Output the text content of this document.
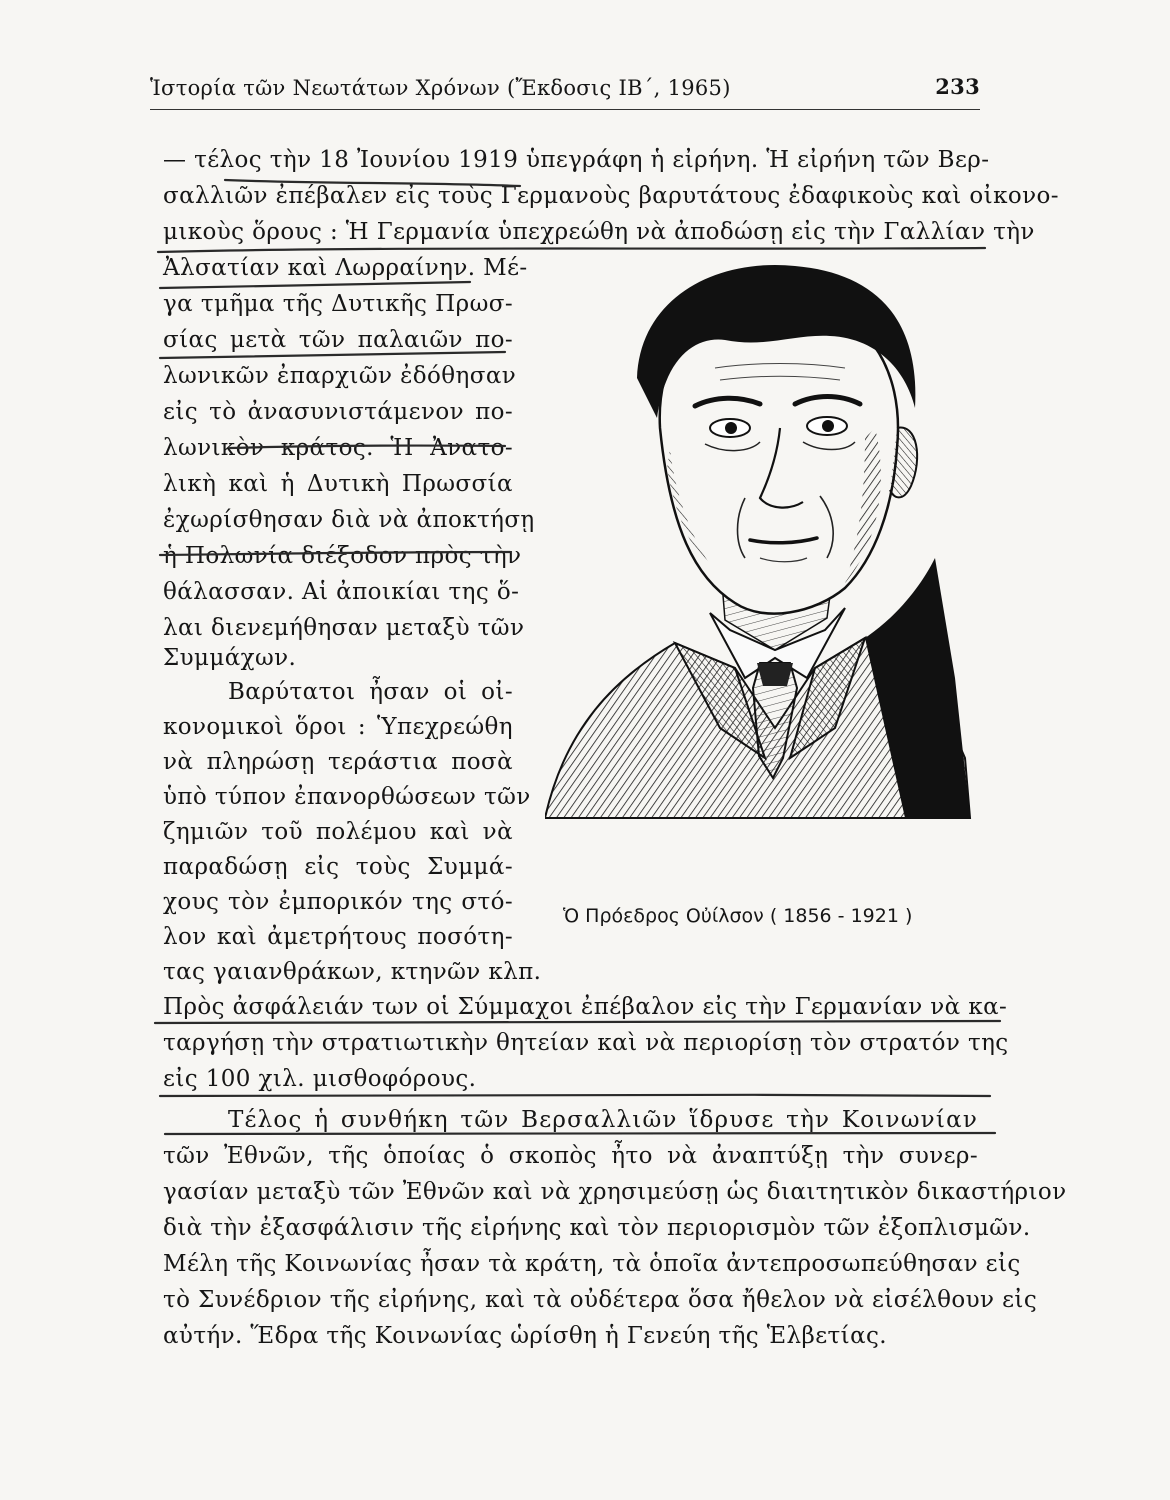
Ἱστορία τῶν Νεωτάτων Χρόνων (Ἔκδοσις ΙΒ΄, 1965)	233
— τέλος τὴν 18 Ἰουνίου 1919 ὑπεγράφη ἡ εἰρήνη. Ἡ εἰρήνη τῶν Βερ-
σαλλιῶν ἐπέβαλεν εἰς τοὺς Γερμανοὺς βαρυτάτους ἐδαφικοὺς καὶ οἰκονο-
μικοὺς ὅρους : Ἡ Γερμανία ὑπεχρεώθη νὰ ἀποδώσῃ εἰς τὴν Γαλλίαν τὴν
Ἀλσατίαν καὶ Λωρραίνην. Μέ-
γα τμῆμα τῆς Δυτικῆς Πρωσ-
σίας μετὰ τῶν παλαιῶν πο-
λωνικῶν ἐπαρχιῶν ἐδόθησαν
εἰς τὸ ἀνασυνιστάμενον πο-
λωνικὸν κράτος. Ἡ Ἀνατο-
λικὴ καὶ ἡ Δυτικὴ Πρωσσία
ἐχωρίσθησαν διὰ νὰ ἀποκτήσῃ
ἡ Πολωνία διέξοδον πρὸς τὴν
θάλασσαν. Αἱ ἀποικίαι της ὅ-
λαι διενεμήθησαν μεταξὺ τῶν
Συμμάχων.
Βαρύτατοι ἦσαν οἱ οἰ-
κονομικοὶ ὅροι : Ὑπεχρεώθη
νὰ πληρώσῃ τεράστια ποσὰ
ὑπὸ τύπον ἐπανορθώσεων τῶν
ζημιῶν τοῦ πολέμου καὶ νὰ
παραδώσῃ εἰς τοὺς Συμμά-
χους τὸν ἐμπορικόν της στό-
λον καὶ ἀμετρήτους ποσότη-
τας γαιανθράκων, κτηνῶν κλπ.
Πρὸς ἀσφάλειάν των οἱ Σύμμαχοι ἐπέβαλον εἰς τὴν Γερμανίαν νὰ κα-
ταργήσῃ τὴν στρατιωτικὴν θητείαν καὶ νὰ περιορίσῃ τὸν στρατόν της
εἰς 100 χιλ. μισθοφόρους.
Τέλος ἡ συνθήκη τῶν Βερσαλλιῶν ἵδρυσε τὴν Κοινωνίαν
τῶν Ἐθνῶν, τῆς ὁποίας ὁ σκοπὸς ἦτο νὰ ἀναπτύξῃ τὴν συνερ-
γασίαν μεταξὺ τῶν Ἐθνῶν καὶ νὰ χρησιμεύσῃ ὡς διαιτητικὸν δικαστήριον
διὰ τὴν ἐξασφάλισιν τῆς εἰρήνης καὶ τὸν περιορισμὸν τῶν ἐξοπλισμῶν.
Μέλη τῆς Κοινωνίας ἦσαν τὰ κράτη, τὰ ὁποῖα ἀντεπροσωπεύθησαν εἰς
τὸ Συνέδριον τῆς εἰρήνης, καὶ τὰ οὐδέτερα ὅσα ἤθελον νὰ εἰσέλθουν εἰς
αὐτήν. Ἕδρα τῆς Κοινωνίας ὡρίσθη ἡ Γενεύη τῆς Ἑλβετίας.
Ὁ Πρόεδρος Οὐίλσον ( 1856 - 1921 )
